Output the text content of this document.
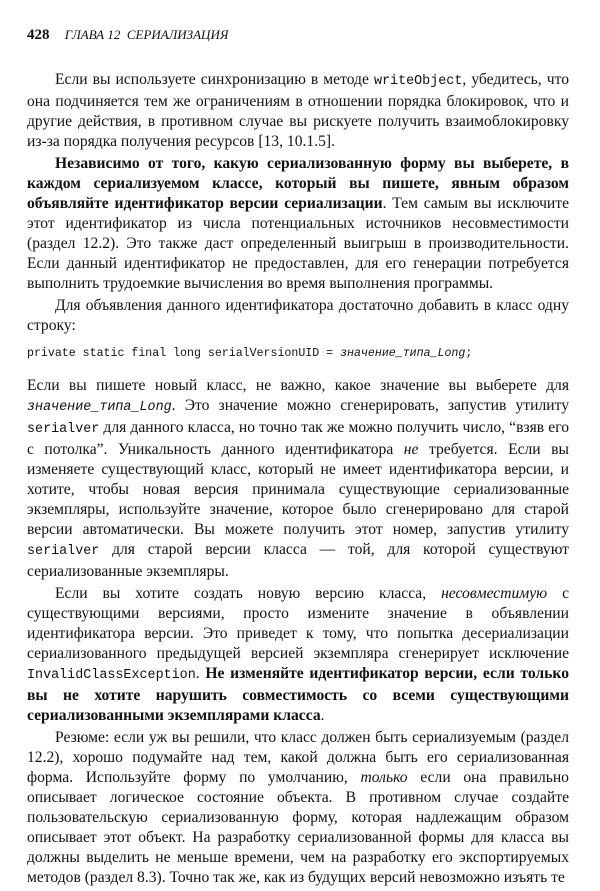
428 ГЛАВА 12 СЕРИАЛИЗАЦИЯ

Если вы используете синхронизацию в методе writeObject, убедитесь, что она подчиняется тем же ограничениям в отношении порядка блокировок, что и другие действия, в противном случае вы рискуете получить взаимоблокировку из-за порядка получения ресурсов [13, 10.1.5].

Независимо от того, какую сериализованную форму вы выберете, в каждом сериализуемом классе, который вы пишете, явным образом объявляйте идентификатор версии сериализации. Тем самым вы исключите этот идентификатор из числа потенциальных источников несовместимости (раздел 12.2). Это также даст определенный выигрыш в производительности. Если данный идентификатор не предоставлен, для его генерации потребуется выполнить трудоемкие вычисления во время выполнения программы.

Для объявления данного идентификатора достаточно добавить в класс одну строку:

private static final long serialVersionUID = значение_типа_Long;

Если вы пишете новый класс, не важно, какое значение вы выберете для значение_типа_Long. Это значение можно сгенерировать, запустив утилиту serialver для данного класса, но точно так же можно получить число, “взяв его с потолка”. Уникальность данного идентификатора не требуется. Если вы изменяете существующий класс, который не имеет идентификатора версии, и хотите, чтобы новая версия принимала существующие сериализованные экземпляры, используйте значение, которое было сгенерировано для старой версии автоматически. Вы можете получить этот номер, запустив утилиту serialver для старой версии класса — той, для которой существуют сериализованные экземпляры.

Если вы хотите создать новую версию класса, несовместимую с существующими версиями, просто измените значение в объявлении идентификатора версии. Это приведет к тому, что попытка десериализации сериализованного предыдущей версией экземпляра сгенерирует исключение InvalidClassException. Не изменяйте идентификатор версии, если только вы не хотите нарушить совместимость со всеми существующими сериализованными экземплярами класса.

Резюме: если уж вы решили, что класс должен быть сериализуемым (раздел 12.2), хорошо подумайте над тем, какой должна быть его сериализованная форма. Используйте форму по умолчанию, только если она правильно описывает логическое состояние объекта. В противном случае создайте пользовательскую сериализованную форму, которая надлежащим образом описывает этот объект. На разработку сериализованной формы для класса вы должны выделить не меньше времени, чем на разработку его экспортируемых методов (раздел 8.3). Точно так же, как из будущих версий невозможно изъять те
